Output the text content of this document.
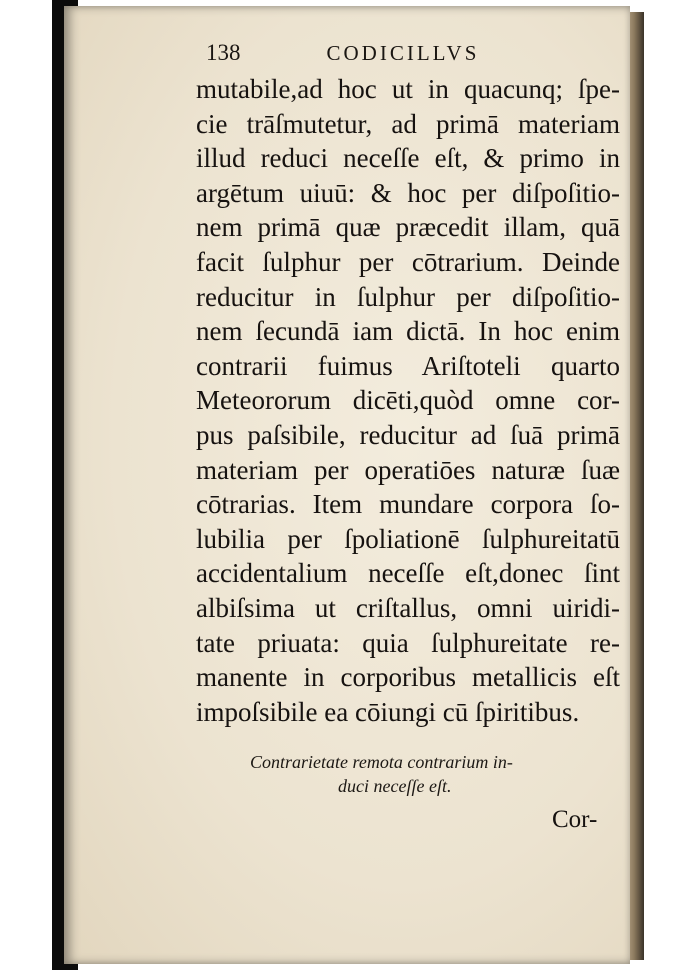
138	CODICILLVS
mutabile,ad hoc ut in quacunq; ſpe-
cie trāſmutetur, ad primā materiam
illud reduci neceſſe eſt, & primo in
argētum uiuū: & hoc per diſpoſitio-
nem primā quæ præcedit illam, quā
facit ſulphur per cōtrarium. Deinde
reducitur in ſulphur per diſpoſitio-
nem ſecundā iam dictā. In hoc enim
contrarii fuimus Ariſtoteli quarto
Meteororum dicēti,quòd omne cor-
pus paſsibile, reducitur ad ſuā primā
materiam per operatiōes naturæ ſuæ
cōtrarias. Item mundare corpora ſo-
lubilia per ſpoliationē ſulphureitatū
accidentalium neceſſe eſt,donec ſint
albiſsima ut criſtallus, omni uiridi-
tate priuata: quia ſulphureitate re-
manente in corporibus metallicis eſt
impoſsibile ea cōiungi cū ſpiritibus.
Contrarietate remota contrarium in-
duci neceſſe eſt.
Cor-
